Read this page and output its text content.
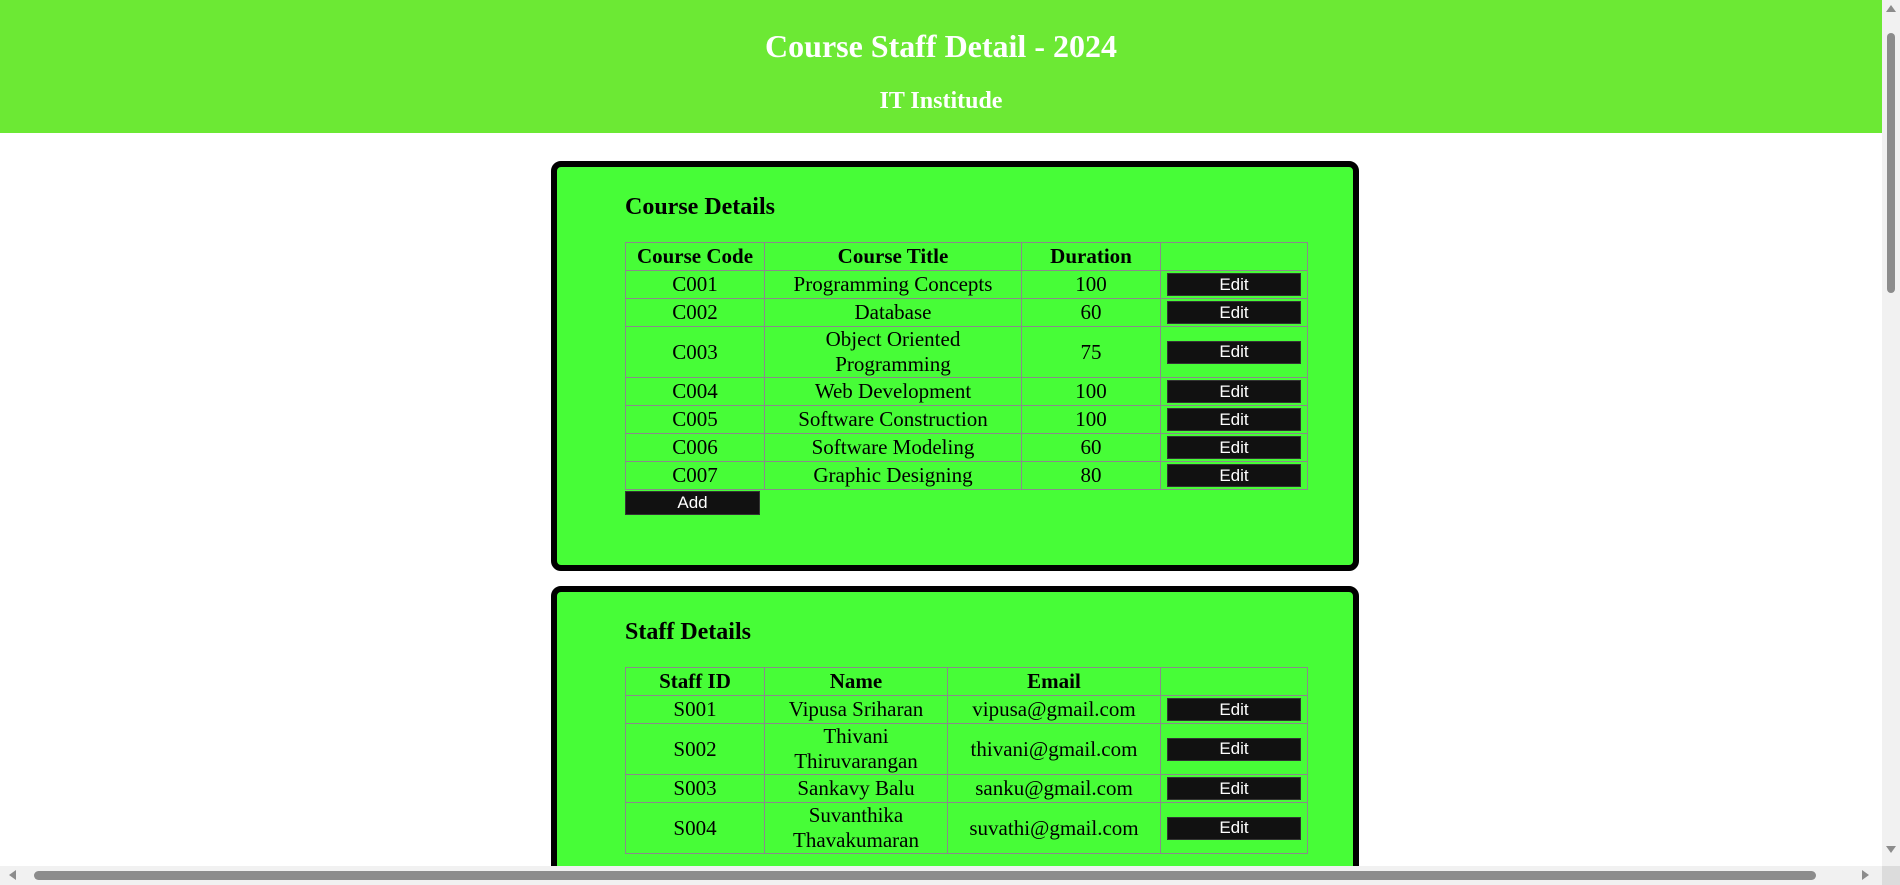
Course Staff Detail - 2024
IT Institude
Course Details
Course Code	Course Title	Duration	
C001	Programming Concepts	100	Edit

C002	Database	60	Edit

C003	Object Oriented Programming	75	Edit

C004	Web Development	100	Edit

C005	Software Construction	100	Edit

C006	Software Modeling	60	Edit

C007	Graphic Designing	80	Edit
Add
Staff Details
Staff ID	Name	Email	
S001	Vipusa Sriharan	vipusa@gmail.com	Edit

S002	Thivani Thiruvarangan	thivani@gmail.com	Edit

S003	Sankavy Balu	sanku@gmail.com	Edit

S004	Suvanthika Thavakumaran	suvathi@gmail.com	Edit
